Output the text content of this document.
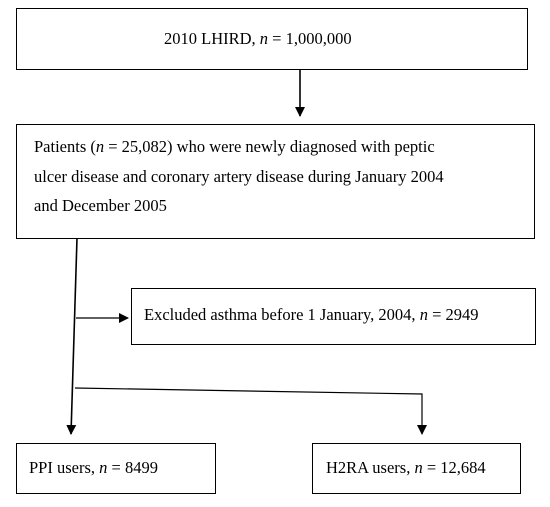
2010 LHIRD, n = 1,000,000
Patients (n = 25,082) who were newly diagnosed with peptic
ulcer disease and coronary artery disease during January 2004
and December 2005
Excluded asthma before 1 January, 2004, n = 2949
PPI users, n = 8499	H2RA users, n = 12,684
